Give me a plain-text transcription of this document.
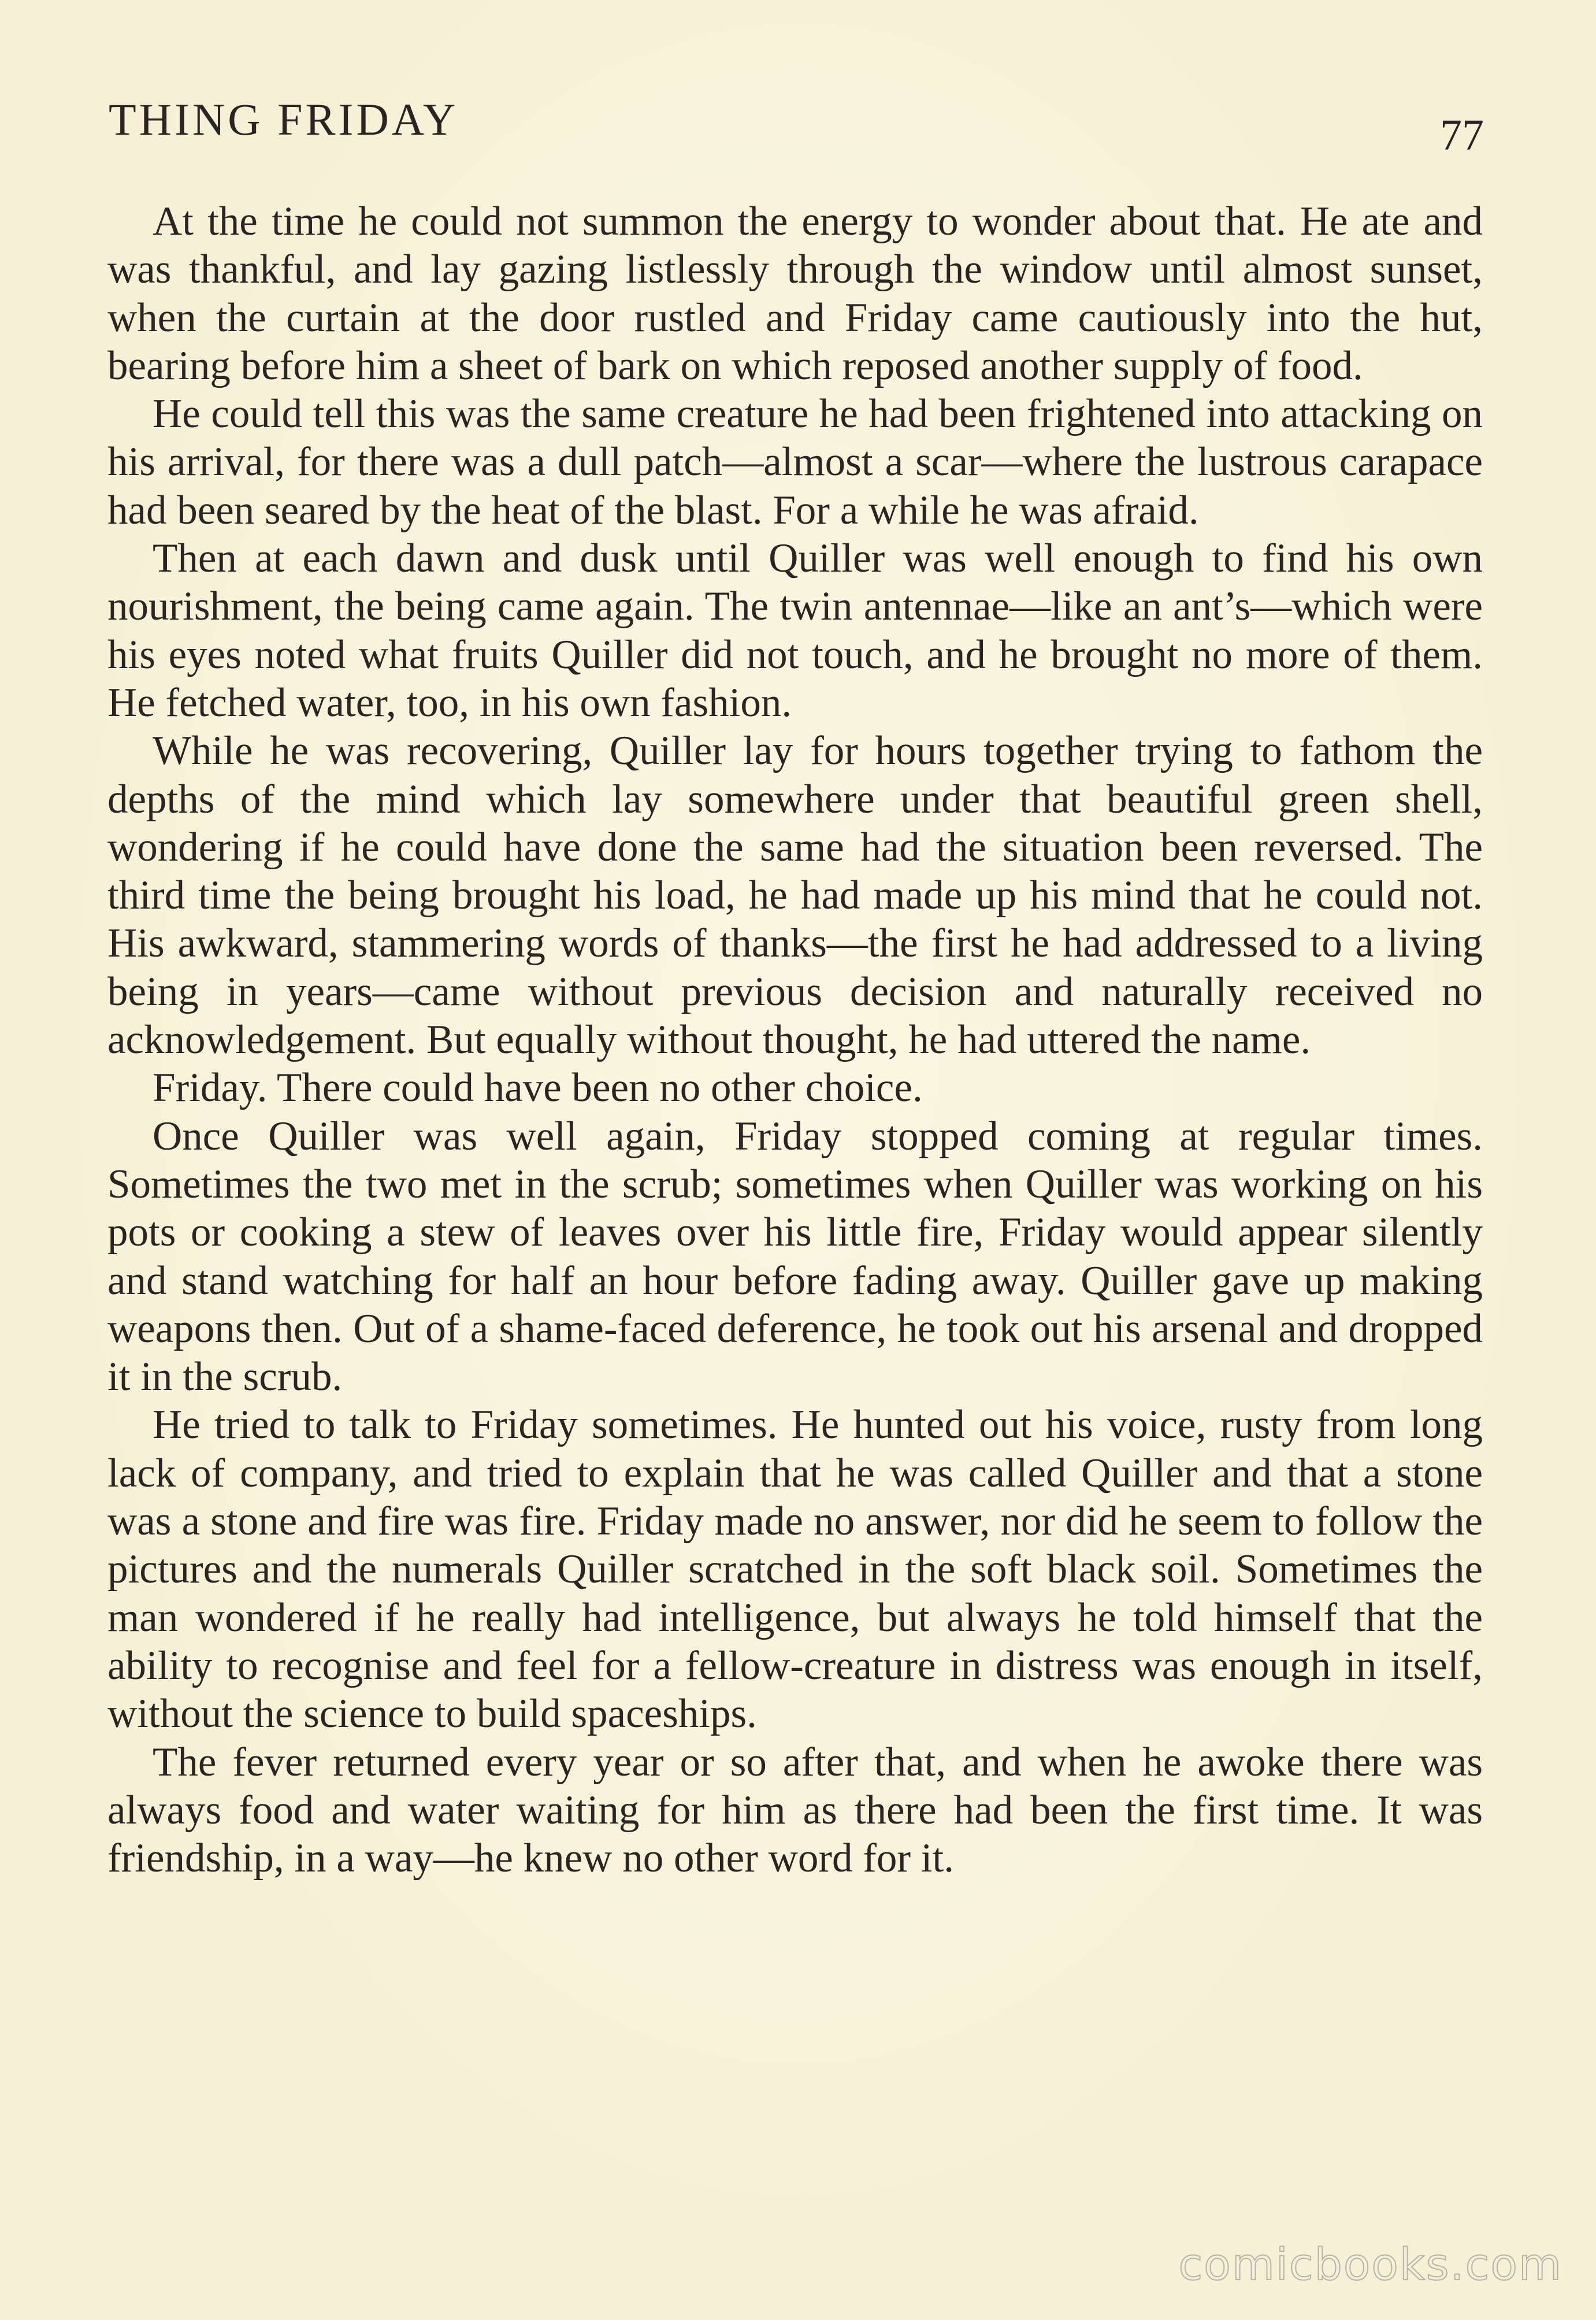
THING FRIDAY	77

At the time he could not summon the energy to wonder about that. He ate and was thankful, and lay gazing listlessly through the window until almost sunset, when the curtain at the door rustled and Friday came cautiously into the hut, bearing before him a sheet of bark on which reposed another supply of food.

He could tell this was the same creature he had been frightened into attacking on his arrival, for there was a dull patch—almost a scar—where the lustrous carapace had been seared by the heat of the blast. For a while he was afraid.

Then at each dawn and dusk until Quiller was well enough to find his own nourishment, the being came again. The twin antennae—like an ant’s—which were his eyes noted what fruits Quiller did not touch, and he brought no more of them. He fetched water, too, in his own fashion.

While he was recovering, Quiller lay for hours together trying to fathom the depths of the mind which lay somewhere under that beautiful green shell, wondering if he could have done the same had the situation been reversed. The third time the being brought his load, he had made up his mind that he could not. His awkward, stammering words of thanks—the first he had addressed to a living being in years—came without previous decision and naturally received no acknowledgement. But equally without thought, he had uttered the name.

Friday. There could have been no other choice.

Once Quiller was well again, Friday stopped coming at regular times. Sometimes the two met in the scrub; sometimes when Quiller was working on his pots or cooking a stew of leaves over his little fire, Friday would appear silently and stand watching for half an hour before fading away. Quiller gave up making weapons then. Out of a shame-faced deference, he took out his arsenal and dropped it in the scrub.

He tried to talk to Friday sometimes. He hunted out his voice, rusty from long lack of company, and tried to explain that he was called Quiller and that a stone was a stone and fire was fire. Friday made no answer, nor did he seem to follow the pictures and the numerals Quiller scratched in the soft black soil. Sometimes the man wondered if he really had intelligence, but always he told himself that the ability to recognise and feel for a fellow-creature in distress was enough in itself, without the science to build spaceships.

The fever returned every year or so after that, and when he awoke there was always food and water waiting for him as there had been the first time. It was friendship, in a way—he knew no other word for it.

comicbooks.com
